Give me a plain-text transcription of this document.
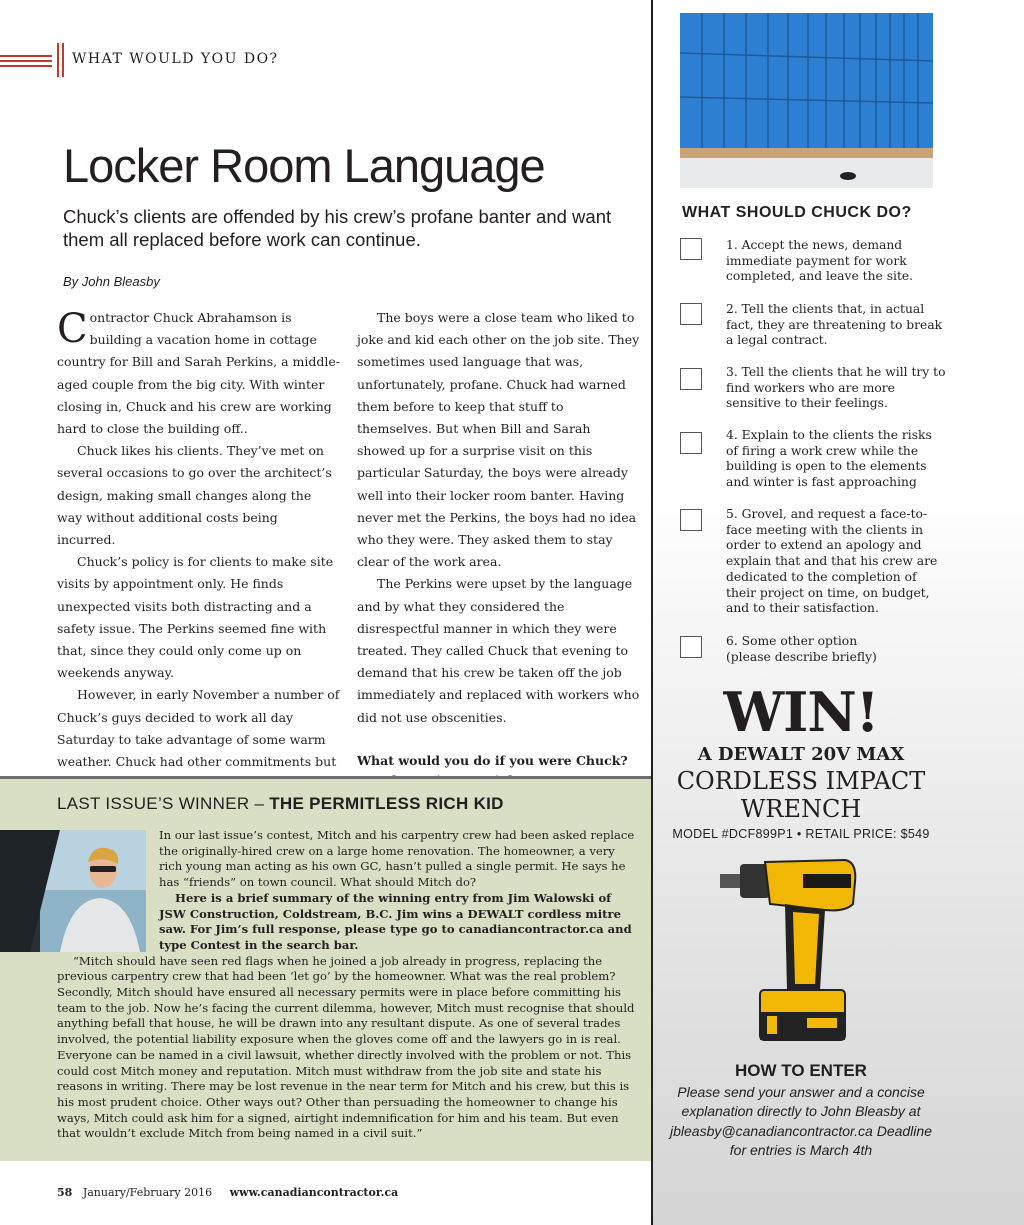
WHAT WOULD YOU DO?
Locker Room Language
Chuck’s clients are offended by his crew’s profane banter and want them all replaced before work can continue.
By John Bleasby

Contractor Chuck Abrahamson is building a vacation home in cottage country for Bill and Sarah Perkins, a middle-aged couple from the big city. With winter closing in, Chuck and his crew are working hard to close the building off..

Chuck likes his clients. They’ve met on several occasions to go over the architect’s design, making small changes along the way without additional costs being incurred.

Chuck’s policy is for clients to make site visits by appointment only. He finds unexpected visits both distracting and a safety issue. The Perkins seemed fine with that, since they could only come up on weekends anyway.

However, in early November a number of Chuck’s guys decided to work all day Saturday to take advantage of some warm weather. Chuck had other commitments but

The boys were a close team who liked to joke and kid each other on the job site. They sometimes used language that was, unfortunately, profane. Chuck had warned them before to keep that stuff to themselves. But when Bill and Sarah showed up for a surprise visit on this particular Saturday, the boys were already well into their locker room banter. Having never met the Perkins, the boys had no idea who they were. They asked them to stay clear of the work area.

The Perkins were upset by the language and by what they considered the disrespectful manner in which they were treated. They called Chuck that evening to demand that his crew be taken off the job immediately and replaced with workers who did not use obscenities.

What would you do if you were Chuck?

WHAT SHOULD CHUCK DO?
1. Accept the news, demand immediate payment for work completed, and leave the site.
2. Tell the clients that, in actual fact, they are threatening to break a legal contract.
3. Tell the clients that he will try to find workers who are more sensitive to their feelings.
4. Explain to the clients the risks of firing a work crew while the building is open to the elements and winter is fast approaching
5. Grovel, and request a face-to-face meeting with the clients in order to extend an apology and explain that and that his crew are dedicated to the completion of their project on time, on budget, and to their satisfaction.
6. Some other option (please describe briefly)
WIN!
A DEWALT 20V MAX
CORDLESS IMPACT WRENCH
MODEL #DCF899P1 • RETAIL PRICE: $549
HOW TO ENTER
Please send your answer and a concise explanation directly to John Bleasby at jbleasby@canadiancontractor.ca Deadline for entries is March 4th
LAST ISSUE’S WINNER – THE PERMITLESS RICH KID

In our last issue’s contest, Mitch and his carpentry crew had been asked replace the originally-hired crew on a large home renovation. The homeowner, a very rich young man acting as his own GC, hasn’t pulled a single permit. He says he has “friends” on town council. What should Mitch do?

Here is a brief summary of the winning entry from Jim Walowski of JSW Construction, Coldstream, B.C. Jim wins a DEWALT cordless mitre saw. For Jim’s full response, please type go to canadiancontractor.ca and type Contest in the search bar.

“Mitch should have seen red flags when he joined a job already in progress, replacing the previous carpentry crew that had been ‘let go’ by the homeowner. What was the real problem? Secondly, Mitch should have ensured all necessary permits were in place before committing his team to the job. Now he’s facing the current dilemma, however, Mitch must recognise that should anything befall that house, he will be drawn into any resultant dispute. As one of several trades involved, the potential liability exposure when the gloves come off and the lawyers go in is real. Everyone can be named in a civil lawsuit, whether directly involved with the problem or not. This could cost Mitch money and reputation. Mitch must withdraw from the job site and state his reasons in writing. There may be lost revenue in the near term for Mitch and his crew, but this is his most prudent choice. Other ways out? Other than persuading the homeowner to change his ways, Mitch could ask him for a signed, airtight indemnification for him and his team. But even that wouldn’t exclude Mitch from being named in a civil suit.”

58 January/February 2016 www.canadiancontractor.ca
